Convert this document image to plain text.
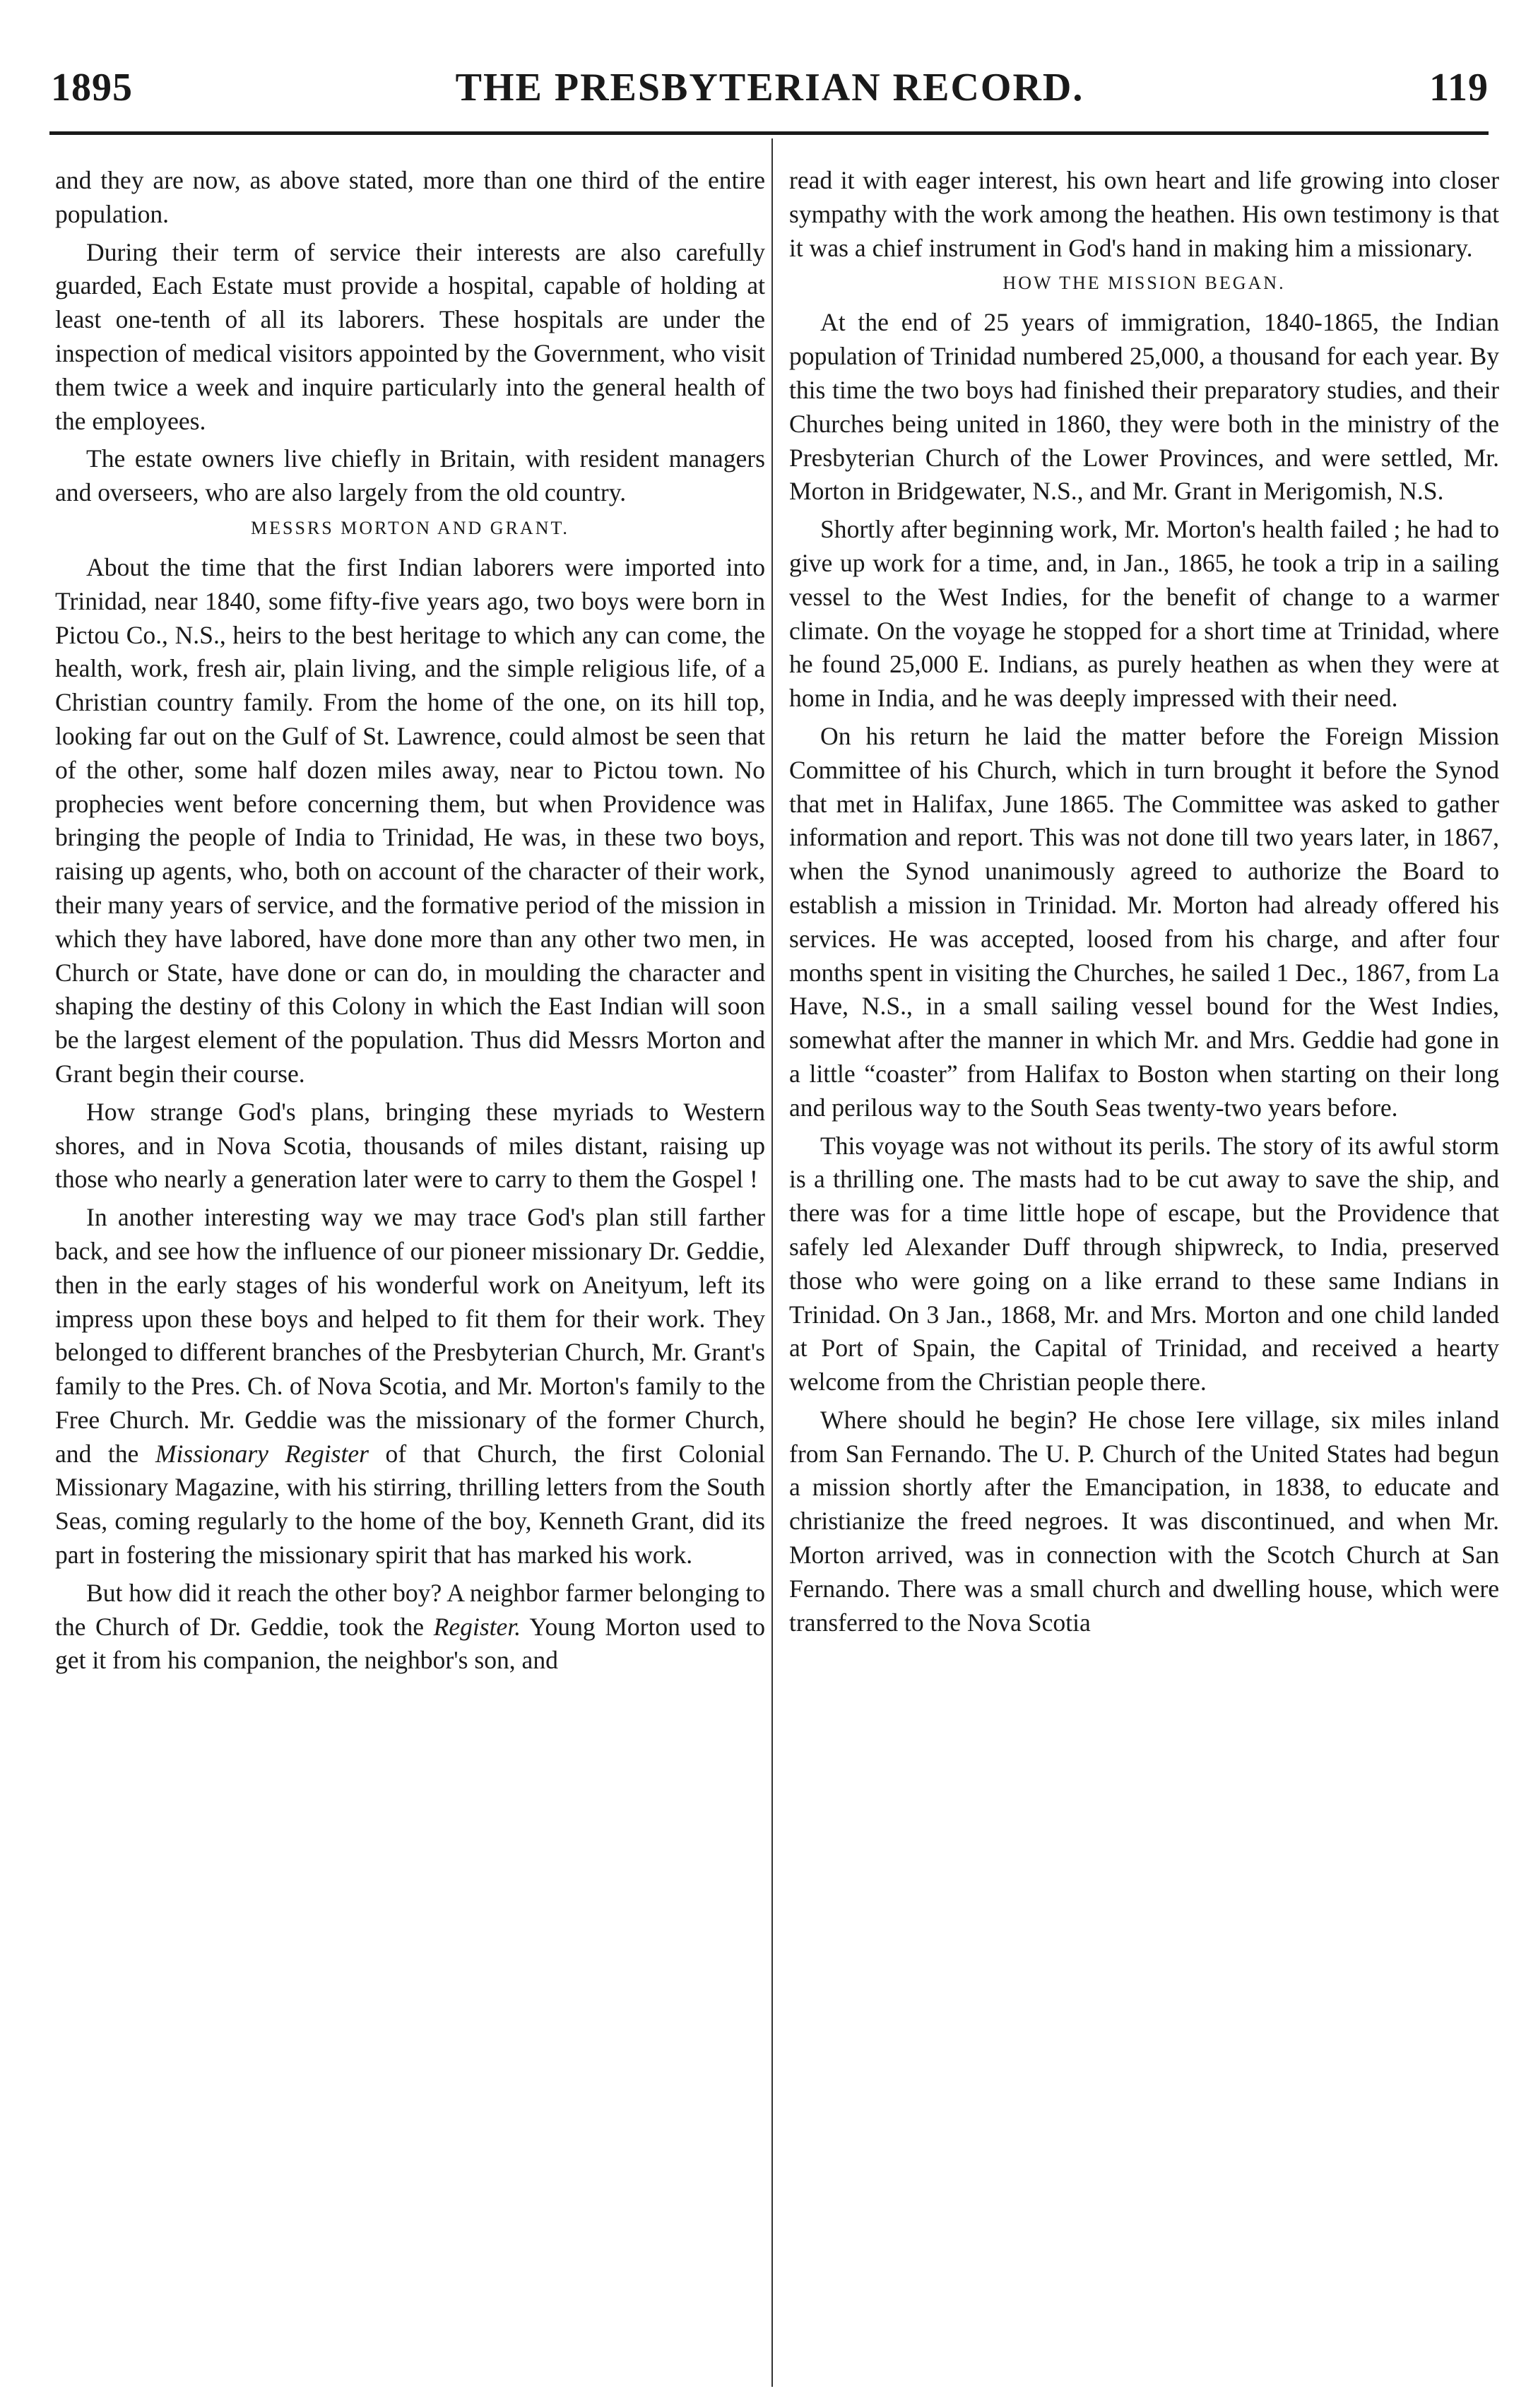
1895	THE PRESBYTERIAN RECORD.	119

and they are now, as above stated, more than one third of the entire population.

During their term of service their interests are also carefully guarded, Each Estate must provide a hospital, capable of holding at least one-tenth of all its laborers. These hospitals are under the inspection of medical visitors appointed by the Government, who visit them twice a week and inquire particularly into the general health of the employees.

The estate owners live chiefly in Britain, with resident managers and overseers, who are also largely from the old country.

MESSRS MORTON AND GRANT.

About the time that the first Indian laborers were imported into Trinidad, near 1840, some fifty-five years ago, two boys were born in Pictou Co., N.S., heirs to the best heritage to which any can come, the health, work, fresh air, plain living, and the simple religious life, of a Christian country family. From the home of the one, on its hill top, looking far out on the Gulf of St. Lawrence, could almost be seen that of the other, some half dozen miles away, near to Pictou town. No prophecies went before concerning them, but when Providence was bringing the people of India to Trinidad, He was, in these two boys, raising up agents, who, both on account of the character of their work, their many years of service, and the formative period of the mission in which they have labored, have done more than any other two men, in Church or State, have done or can do, in moulding the character and shaping the destiny of this Colony in which the East Indian will soon be the largest element of the population. Thus did Messrs Morton and Grant begin their course.

How strange God's plans, bringing these myriads to Western shores, and in Nova Scotia, thousands of miles distant, raising up those who nearly a generation later were to carry to them the Gospel !

In another interesting way we may trace God's plan still farther back, and see how the influence of our pioneer missionary Dr. Geddie, then in the early stages of his wonderful work on Aneityum, left its impress upon these boys and helped to fit them for their work. They belonged to different branches of the Presbyterian Church, Mr. Grant's family to the Pres. Ch. of Nova Scotia, and Mr. Morton's family to the Free Church. Mr. Geddie was the missionary of the former Church, and the Missionary Register of that Church, the first Colonial Missionary Magazine, with his stirring, thrilling letters from the South Seas, coming regularly to the home of the boy, Kenneth Grant, did its part in fostering the missionary spirit that has marked his work.

But how did it reach the other boy? A neighbor farmer belonging to the Church of Dr. Geddie, took the Register. Young Morton used to get it from his companion, the neighbor's son, and

read it with eager interest, his own heart and life growing into closer sympathy with the work among the heathen. His own testimony is that it was a chief instrument in God's hand in making him a missionary.

HOW THE MISSION BEGAN.

At the end of 25 years of immigration, 1840-1865, the Indian population of Trinidad numbered 25,000, a thousand for each year. By this time the two boys had finished their preparatory studies, and their Churches being united in 1860, they were both in the ministry of the Presbyterian Church of the Lower Provinces, and were settled, Mr. Morton in Bridgewater, N.S., and Mr. Grant in Merigomish, N.S.

Shortly after beginning work, Mr. Morton's health failed ; he had to give up work for a time, and, in Jan., 1865, he took a trip in a sailing vessel to the West Indies, for the benefit of change to a warmer climate. On the voyage he stopped for a short time at Trinidad, where he found 25,000 E. Indians, as purely heathen as when they were at home in India, and he was deeply impressed with their need.

On his return he laid the matter before the Foreign Mission Committee of his Church, which in turn brought it before the Synod that met in Halifax, June 1865. The Committee was asked to gather information and report. This was not done till two years later, in 1867, when the Synod unanimously agreed to authorize the Board to establish a mission in Trinidad. Mr. Morton had already offered his services. He was accepted, loosed from his charge, and after four months spent in visiting the Churches, he sailed 1 Dec., 1867, from La Have, N.S., in a small sailing vessel bound for the West Indies, somewhat after the manner in which Mr. and Mrs. Geddie had gone in a little “coaster” from Halifax to Boston when starting on their long and perilous way to the South Seas twenty-two years before.

This voyage was not without its perils. The story of its awful storm is a thrilling one. The masts had to be cut away to save the ship, and there was for a time little hope of escape, but the Providence that safely led Alexander Duff through shipwreck, to India, preserved those who were going on a like errand to these same Indians in Trinidad. On 3 Jan., 1868, Mr. and Mrs. Morton and one child landed at Port of Spain, the Capital of Trinidad, and received a hearty welcome from the Christian people there.

Where should he begin? He chose Iere village, six miles inland from San Fernando. The U. P. Church of the United States had begun a mission shortly after the Emancipation, in 1838, to educate and christianize the freed negroes. It was discontinued, and when Mr. Morton arrived, was in connection with the Scotch Church at San Fernando. There was a small church and dwelling house, which were transferred to the Nova Scotia
